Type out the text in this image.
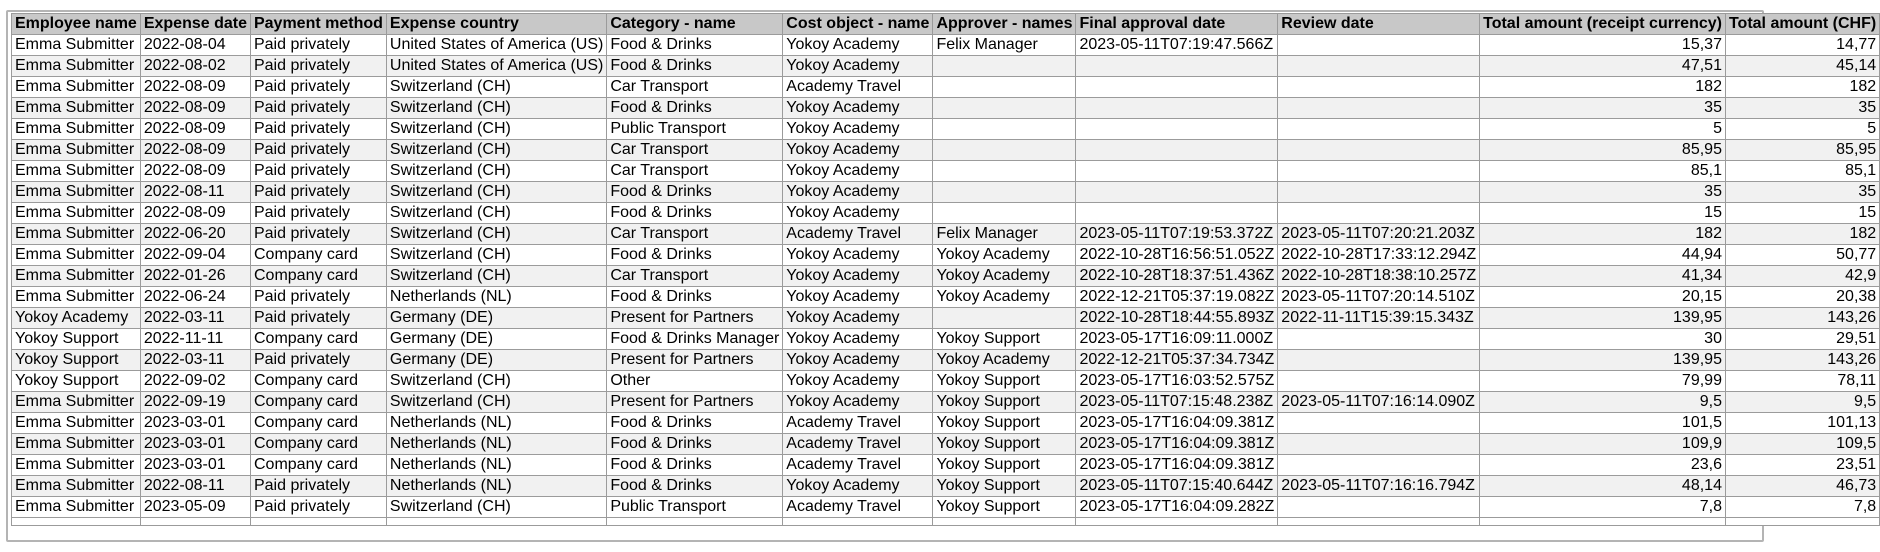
Employee name	Expense date	Payment method	Expense country	Category - name	Cost object - name	Approver - names	Final approval date	Review date	Total amount (receipt currency)	Total amount (CHF)
Emma Submitter	2022-08-04	Paid privately	United States of America (US)	Food & Drinks	Yokoy Academy	Felix Manager	2023-05-11T07:19:47.566Z		15,37	14,77
Emma Submitter	2022-08-02	Paid privately	United States of America (US)	Food & Drinks	Yokoy Academy				47,51	45,14
Emma Submitter	2022-08-09	Paid privately	Switzerland (CH)	Car Transport	Academy Travel				182	182
Emma Submitter	2022-08-09	Paid privately	Switzerland (CH)	Food & Drinks	Yokoy Academy				35	35
Emma Submitter	2022-08-09	Paid privately	Switzerland (CH)	Public Transport	Yokoy Academy				5	5
Emma Submitter	2022-08-09	Paid privately	Switzerland (CH)	Car Transport	Yokoy Academy				85,95	85,95
Emma Submitter	2022-08-09	Paid privately	Switzerland (CH)	Car Transport	Yokoy Academy				85,1	85,1
Emma Submitter	2022-08-11	Paid privately	Switzerland (CH)	Food & Drinks	Yokoy Academy				35	35
Emma Submitter	2022-08-09	Paid privately	Switzerland (CH)	Food & Drinks	Yokoy Academy				15	15
Emma Submitter	2022-06-20	Paid privately	Switzerland (CH)	Car Transport	Academy Travel	Felix Manager	2023-05-11T07:19:53.372Z	2023-05-11T07:20:21.203Z	182	182
Emma Submitter	2022-09-04	Company card	Switzerland (CH)	Food & Drinks	Yokoy Academy	Yokoy Academy	2022-10-28T16:56:51.052Z	2022-10-28T17:33:12.294Z	44,94	50,77
Emma Submitter	2022-01-26	Company card	Switzerland (CH)	Car Transport	Yokoy Academy	Yokoy Academy	2022-10-28T18:37:51.436Z	2022-10-28T18:38:10.257Z	41,34	42,9
Emma Submitter	2022-06-24	Paid privately	Netherlands (NL)	Food & Drinks	Yokoy Academy	Yokoy Academy	2022-12-21T05:37:19.082Z	2023-05-11T07:20:14.510Z	20,15	20,38
Yokoy Academy	2022-03-11	Paid privately	Germany (DE)	Present for Partners	Yokoy Academy		2022-10-28T18:44:55.893Z	2022-11-11T15:39:15.343Z	139,95	143,26
Yokoy Support	2022-11-11	Company card	Germany (DE)	Food & Drinks Manager	Yokoy Academy	Yokoy Support	2023-05-17T16:09:11.000Z		30	29,51
Yokoy Support	2022-03-11	Paid privately	Germany (DE)	Present for Partners	Yokoy Academy	Yokoy Academy	2022-12-21T05:37:34.734Z		139,95	143,26
Yokoy Support	2022-09-02	Company card	Switzerland (CH)	Other	Yokoy Academy	Yokoy Support	2023-05-17T16:03:52.575Z		79,99	78,11
Emma Submitter	2022-09-19	Company card	Switzerland (CH)	Present for Partners	Yokoy Academy	Yokoy Support	2023-05-11T07:15:48.238Z	2023-05-11T07:16:14.090Z	9,5	9,5
Emma Submitter	2023-03-01	Company card	Netherlands (NL)	Food & Drinks	Academy Travel	Yokoy Support	2023-05-17T16:04:09.381Z		101,5	101,13
Emma Submitter	2023-03-01	Company card	Netherlands (NL)	Food & Drinks	Academy Travel	Yokoy Support	2023-05-17T16:04:09.381Z		109,9	109,5
Emma Submitter	2023-03-01	Company card	Netherlands (NL)	Food & Drinks	Academy Travel	Yokoy Support	2023-05-17T16:04:09.381Z		23,6	23,51
Emma Submitter	2022-08-11	Paid privately	Netherlands (NL)	Food & Drinks	Yokoy Academy	Yokoy Support	2023-05-11T07:15:40.644Z	2023-05-11T07:16:16.794Z	48,14	46,73
Emma Submitter	2023-05-09	Paid privately	Switzerland (CH)	Public Transport	Academy Travel	Yokoy Support	2023-05-17T16:04:09.282Z		7,8	7,8
